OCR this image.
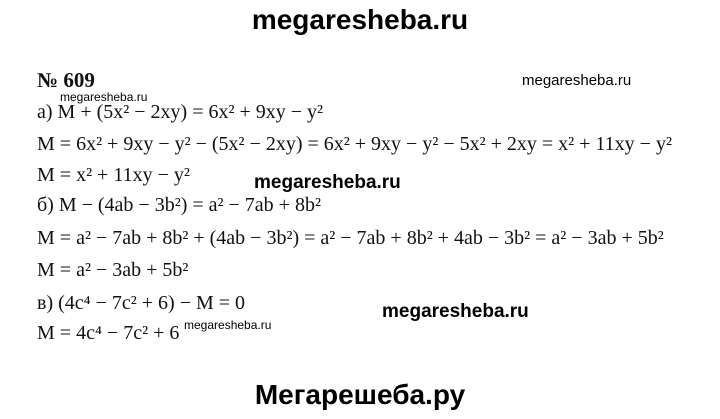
megaresheba.ru
№ 609	megaresheba.ru
megaresheba.ru
а) M + (5x² − 2xy) = 6x² + 9xy − y²
M = 6x² + 9xy − y² − (5x² − 2xy) = 6x² + 9xy − y² − 5x² + 2xy = x² + 11xy − y²
M = x² + 11xy − y²	megaresheba.ru
б) M − (4ab − 3b²) = a² − 7ab + 8b²
M = a² − 7ab + 8b² + (4ab − 3b²) = a² − 7ab + 8b² + 4ab − 3b² = a² − 3ab + 5b²
M = a² − 3ab + 5b²
в) (4c⁴ − 7c² + 6) − M = 0	megaresheba.ru
megaresheba.ru
M = 4c⁴ − 7c² + 6
Мегарешеба.ру
